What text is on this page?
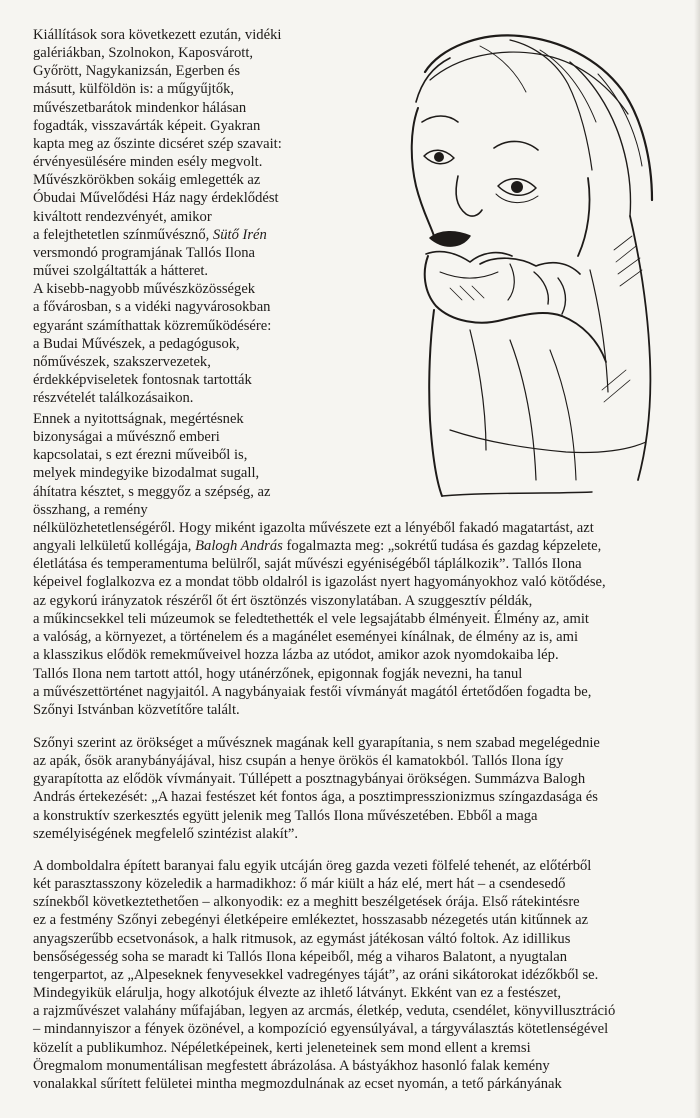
Kiállítások sora következett ezután, vidéki
galériákban, Szolnokon, Kaposvárott,
Győrött, Nagykanizsán, Egerben és
másutt, külföldön is: a műgyűjtők,
művészetbarátok mindenkor hálásan
fogadták, visszavárták képeit. Gyakran
kapta meg az őszinte dicséret szép szavait:
érvényesülésére minden esély megvolt.
Művészkörökben sokáig emlegették az
Óbudai Művelődési Ház nagy érdeklődést
kiváltott rendezvényét, amikor
a felejthetetlen színművésznő, Sütő Irén
versmondó programjának Tallós Ilona
művei szolgáltatták a hátteret.
A kisebb-nagyobb művészközösségek
a fővárosban, s a vidéki nagyvárosokban
egyaránt számíthattak közreműködésére:
a Budai Művészek, a pedagógusok,
nőművészek, szakszervezetek,
érdekképviseletek fontosnak tartották
részvételét találkozásaikon.
Ennek a nyitottságnak, megértésnek
bizonyságai a művésznő emberi
kapcsolatai, s ezt érezni műveiből is,
melyek mindegyike bizodalmat sugall,
áhítatra késztet, s meggyőz a szépség, az
összhang, a remény
nélkülözhetetlenségéről. Hogy miként igazolta művészete ezt a lényéből fakadó magatartást, azt
angyali lelkületű kollégája, Balogh András fogalmazta meg: „sokrétű tudása és gazdag képzelete,
életlátása és temperamentuma belülről, saját művészi egyéniségéből táplálkozik”. Tallós Ilona
képeivel foglalkozva ez a mondat több oldalról is igazolást nyert hagyományokhoz való kötődése,
az egykorú irányzatok részéről őt ért ösztönzés viszonylatában. A szuggesztív példák,
a műkincsekkel teli múzeumok se feledtethették el vele legsajátabb élményeit. Élmény az, amit
a valóság, a környezet, a történelem és a magánélet eseményei kínálnak, de élmény az is, ami
a klasszikus elődök remekműveivel hozza lázba az utódot, amikor azok nyomdokaiba lép.
Tallós Ilona nem tartott attól, hogy utánérzőnek, epigonnak fogják nevezni, ha tanul
a művészettörténet nagyjaitól. A nagybányaiak festői vívmányát magától értetődően fogadta be,
Szőnyi Istvánban közvetítőre talált.
Szőnyi szerint az örökséget a művésznek magának kell gyarapítania, s nem szabad megelégednie
az apák, ősök aranybányájával, hisz csupán a henye örökös él kamatokból. Tallós Ilona így
gyarapította az elődök vívmányait. Túllépett a posztnagybányai örökségen. Summázva Balogh
András értekezését: „A hazai festészet két fontos ága, a posztimpresszionizmus színgazdasága és
a konstruktív szerkesztés együtt jelenik meg Tallós Ilona művészetében. Ebből a maga
személyiségének megfelelő szintézist alakít”.
A domboldalra épített baranyai falu egyik utcáján öreg gazda vezeti fölfelé tehenét, az előtérből
két parasztasszony közeledik a harmadikhoz: ő már kiült a ház elé, mert hát – a csendesedő
színekből következtethetően – alkonyodik: ez a meghitt beszélgetések órája. Első rátekintésre
ez a festmény Szőnyi zebegényi életképeire emlékeztet, hosszasabb nézegetés után kitűnnek az
anyagszerűbb ecsetvonások, a halk ritmusok, az egymást játékosan váltó foltok. Az idillikus
bensőségesség soha se maradt ki Tallós Ilona képeiből, még a viharos Balatont, a nyugtalan
tengerpartot, az „Alpeseknek fenyvesekkel vadregényes táját”, az oráni sikátorokat idézőkből se.
Mindegyikük elárulja, hogy alkotójuk élvezte az ihlető látványt. Ekként van ez a festészet,
a rajzművészet valahány műfajában, legyen az arcmás, életkép, veduta, csendélet, könyvillusztráció
– mindannyiszor a fények özönével, a kompozíció egyensúlyával, a tárgyválasztás kötetlenségével
közelít a publikumhoz. Népéletképeinek, kerti jeleneteinek sem mond ellent a kremsi
Öregmalom monumentálisan megfestett ábrázolása. A bástyákhoz hasonló falak kemény
vonalakkal sűrített felületei mintha megmozdulnának az ecset nyomán, a tető párkányának
